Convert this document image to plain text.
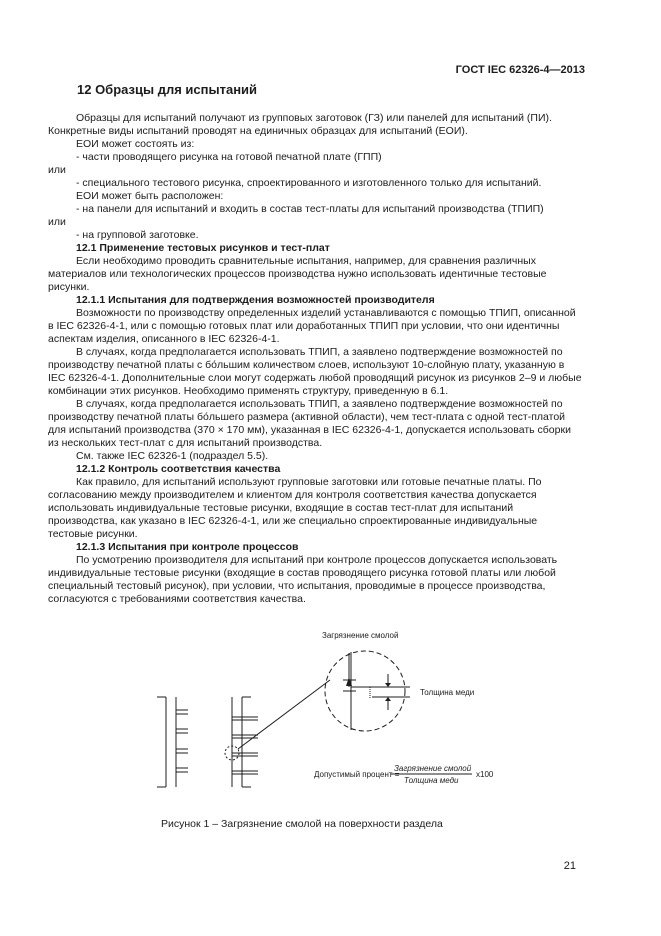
ГОСТ IEC 62326-4—2013
12 Образцы для испытаний

Образцы для испытаний получают из групповых заготовок (ГЗ) или панелей для испытаний (ПИ). Конкретные виды испытаний проводят на единичных образцах для испытаний (ЕОИ).

ЕОИ может состоять из:

- части проводящего рисунка на готовой печатной плате (ГПП)

или

- специального тестового рисунка, спроектированного и изготовленного только для испытаний.

ЕОИ может быть расположен:

- на панели для испытаний и входить в состав тест-платы для испытаний производства (ТПИП)

или

- на групповой заготовке.

12.1 Применение тестовых рисунков и тест-плат

Если необходимо проводить сравнительные испытания, например, для сравнения различных материалов или технологических процессов производства нужно использовать идентичные тестовые рисунки.

12.1.1 Испытания для подтверждения возможностей производителя

Возможности по производству определенных изделий устанавливаются с помощью ТПИП, описанной в IEC 62326-4-1, или с помощью готовых плат или доработанных ТПИП при условии, что они идентичны аспектам изделия, описанного в IEC 62326-4-1.

В случаях, когда предполагается использовать ТПИП, а заявлено подтверждение возможностей по производству печатной платы с бо́льшим количеством слоев, используют 10-слойную плату, указанную в IEC 62326-4-1. Дополнительные слои могут содержать любой проводящий рисунок из рисунков 2–9 и любые комбинации этих рисунков. Необходимо применять структуру, приведенную в 6.1.

В случаях, когда предполагается использовать ТПИП, а заявлено подтверждение возможностей по производству печатной платы бо́льшего размера (активной области), чем тест-плата с одной тест-платой для испытаний производства (370 × 170 мм), указанная в IEC 62326-4-1, допускается использовать сборки из нескольких тест-плат с для испытаний производства.

См. также IEC 62326-1 (подраздел 5.5).

12.1.2 Контроль соответствия качества

Как правило, для испытаний используют групповые заготовки или готовые печатные платы. По согласованию между производителем и клиентом для контроля соответствия качества допускается использовать индивидуальные тестовые рисунки, входящие в состав тест-плат для испытаний производства, как указано в IEC 62326-4-1, или же специально спроектированные индивидуальные тестовые рисунки.

12.1.3 Испытания при контроле процессов

По усмотрению производителя для испытаний при контроле процессов допускается использовать индивидуальные тестовые рисунки (входящие в состав проводящего рисунка готовой платы или любой специальный тестовый рисунок), при условии, что испытания, проводимые в процессе производства, согласуются с требованиями соответствия качества.

Загрязнение смолой
Толщина меди
Допустимый процент =
Загрязнение смолой
Толщина меди
x100
Рисунок 1 – Загрязнение смолой на поверхности раздела
21
